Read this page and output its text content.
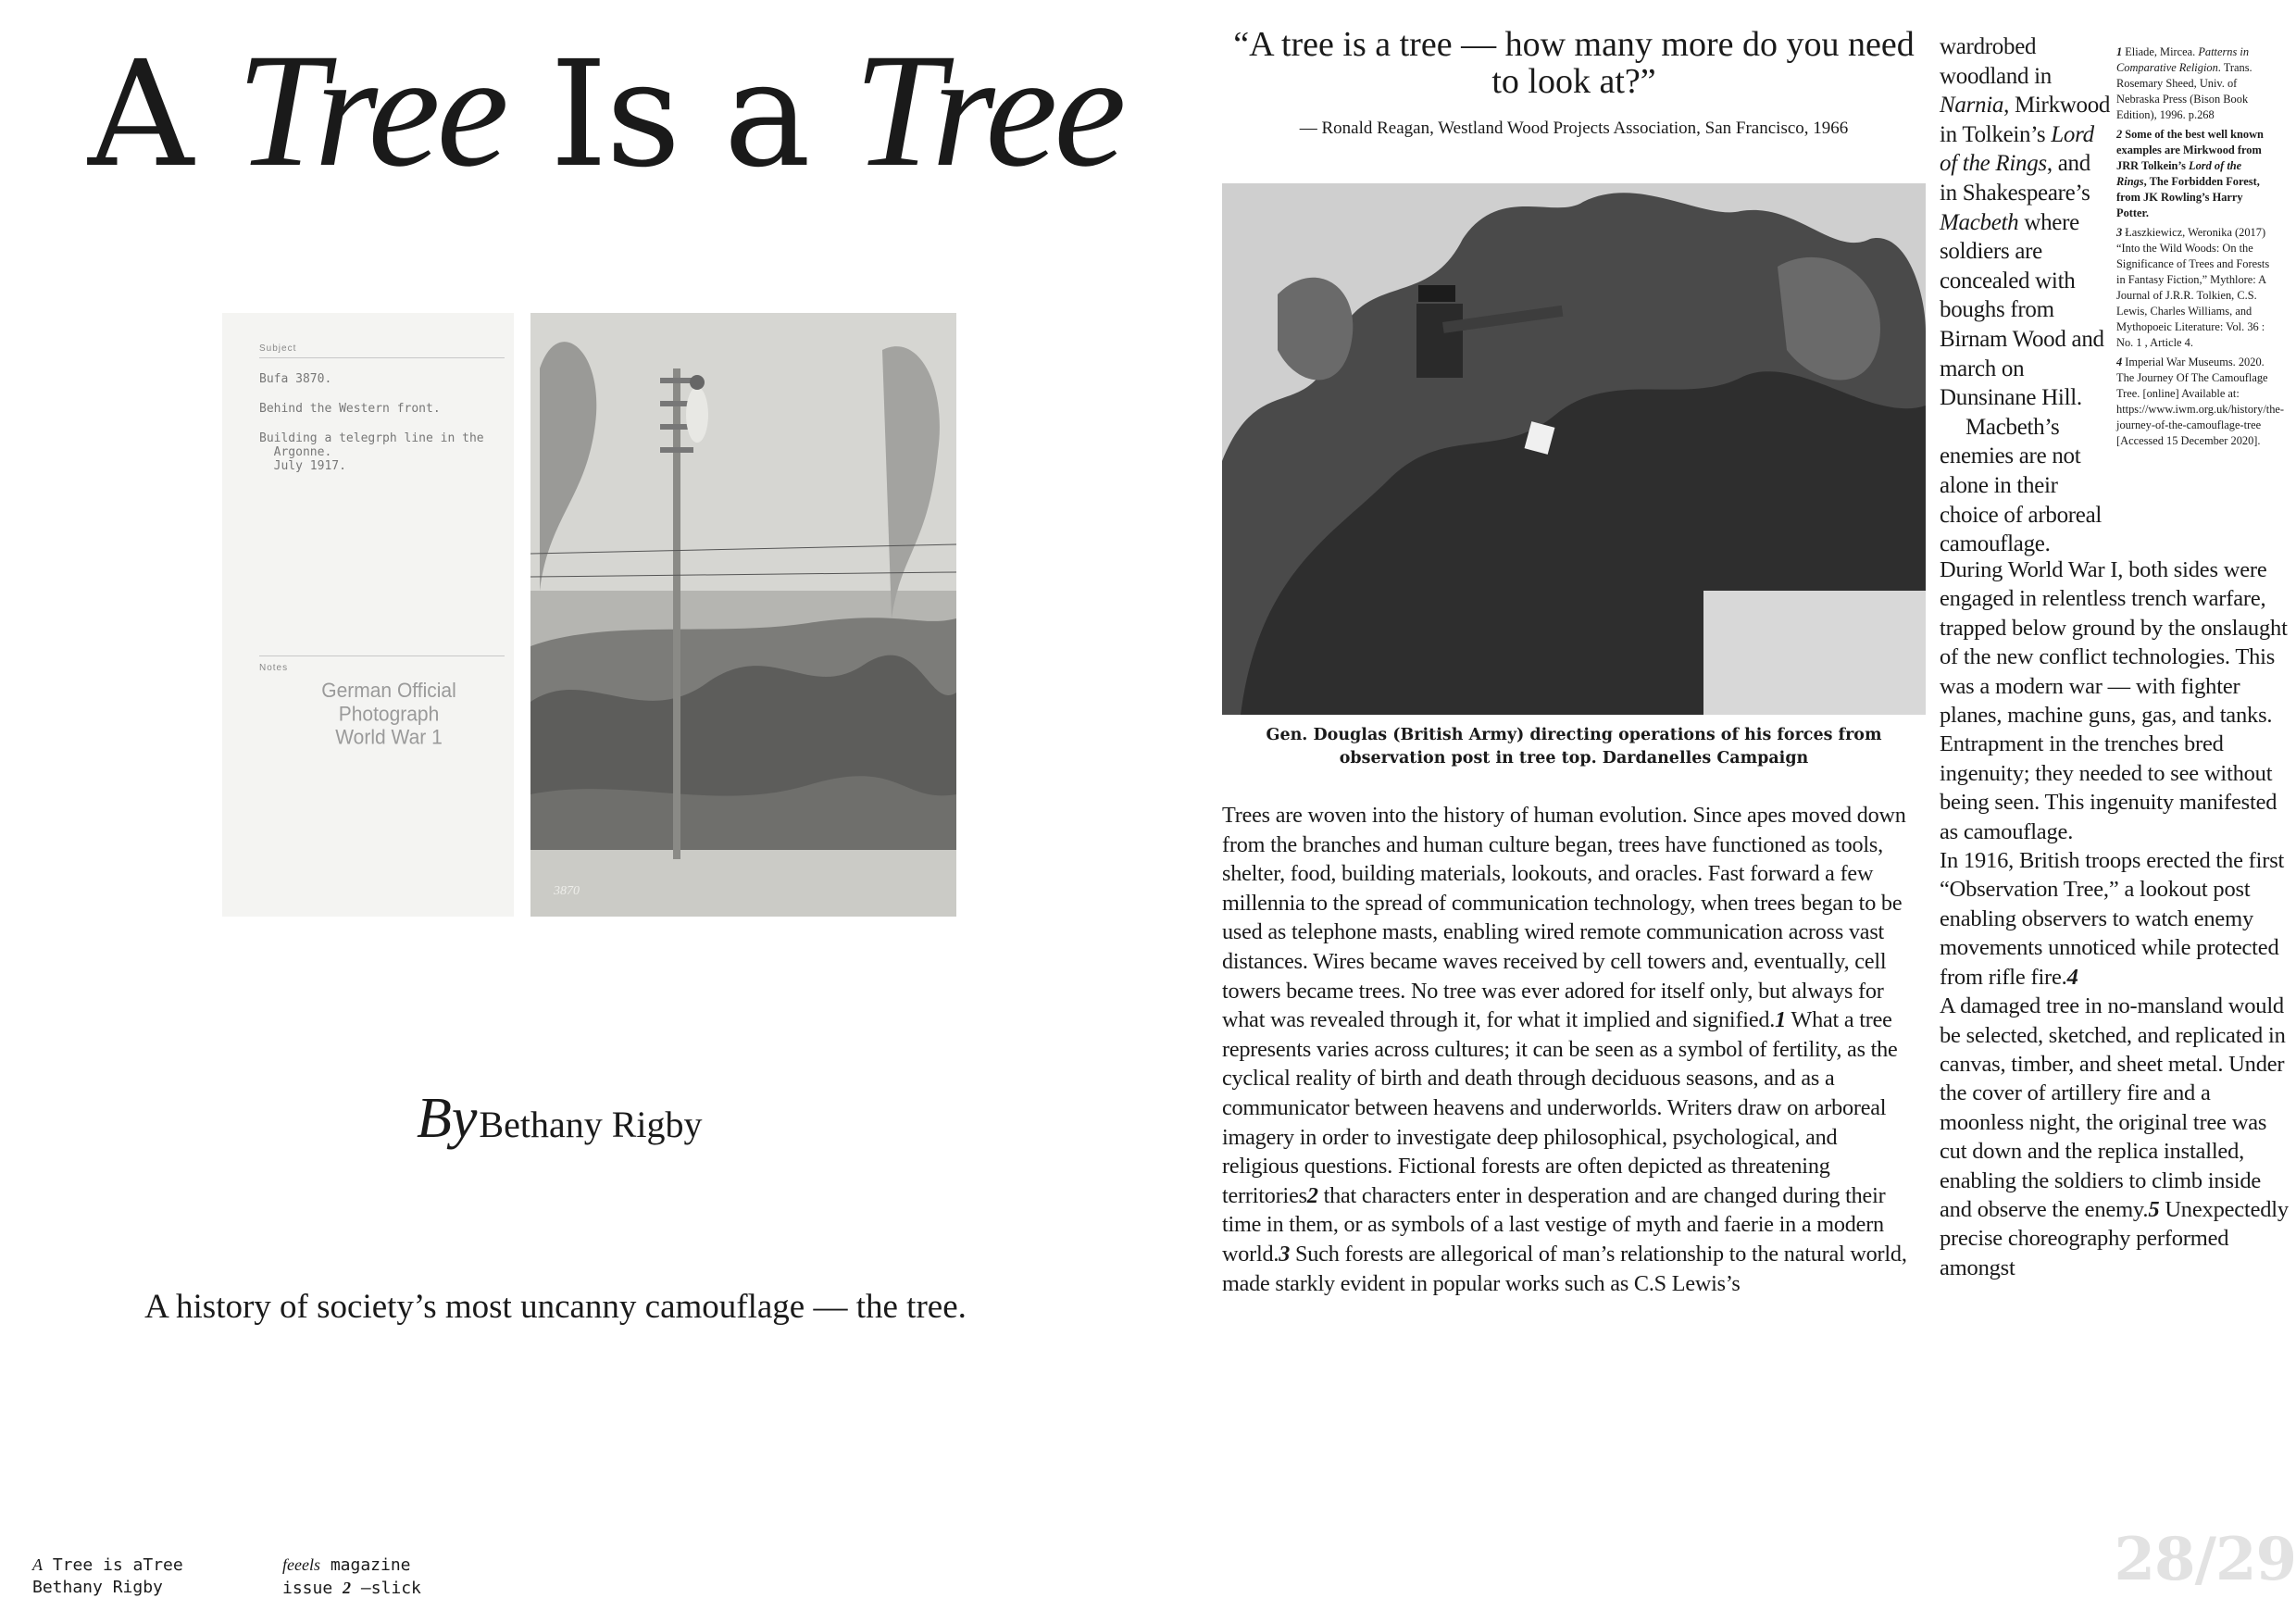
A Tree Is a Tree
Subject
Bufa 3870.
Behind the Western front.
Building a telegrph line in the
Argonne.
July 1917.
Notes
German Official Photograph
World War 1
3870
ByBethany Rigby
A history of society’s most uncanny camouflage — the tree.
A Tree is aTree
Bethany Rigby
feeels magazine
issue 2 —slick
“A tree is a tree — how many more do you need to look at?”
— Ronald Reagan, Westland Wood Projects Association, San Francisco, 1966
Gen. Douglas (British Army) directing operations of his forces from observation post in tree top. Dardanelles Campaign

Trees are woven into the history of human evolution. Since apes moved down from the branches and human culture began, trees have functioned as tools, shelter, food, building materials, lookouts, and oracles. Fast forward a few millennia to the spread of communication technology, when trees began to be used as telephone masts, enabling wired remote communication across vast distances. Wires became waves received by cell towers and, eventually, cell towers became trees. No tree was ever adored for itself only, but always for what was revealed through it, for what it implied and signified.1 What a tree represents varies across cultures; it can be seen as a symbol of fertility, as the cyclical reality of birth and death through deciduous seasons, and as a communicator between heavens and underworlds. Writers draw on arboreal imagery in order to investigate deep philosophical, psychological, and religious questions. Fictional forests are often depicted as threatening territories2 that characters enter in desperation and are changed during their time in them, or as symbols of a last vestige of myth and faerie in a modern world.3 Such forests are allegorical of man’s relationship to the natural world, made starkly evident in popular works such as C.S Lewis’s

wardrobed woodland in Narnia, Mirkwood in Tolkein’s Lord of the Rings, and in Shakespeare’s Macbeth where soldiers are concealed with boughs from Birnam Wood and march on Dunsinane Hill.

Macbeth’s enemies are not alone in their choice of arboreal camouflage.

During World War I, both sides were engaged in relentless trench warfare, trapped below ground by the onslaught of the new conflict technologies. This was a modern war — with fighter planes, machine guns, gas, and tanks. Entrapment in the trenches bred ingenuity; they needed to see without being seen. This ingenuity manifested as camouflage.

In 1916, British troops erected the first “Observation Tree,” a lookout post enabling observers to watch enemy movements unnoticed while protected from rifle fire.4

A damaged tree in no-mansland would be selected, sketched, and replicated in canvas, timber, and sheet metal. Under the cover of artillery fire and a moonless night, the original tree was cut down and the replica installed, enabling the soldiers to climb inside and observe the enemy.5 Unexpectedly precise choreography performed amongst

1 Eliade, Mircea. Patterns in Comparative Religion. Trans. Rosemary Sheed, Univ. of Nebraska Press (Bison Book Edition), 1996. p.268

2 Some of the best well known examples are Mirkwood from JRR Tolkein’s Lord of the Rings, The Forbidden Forest, from JK Rowling’s Harry Potter.

3 Łaszkiewicz, Weronika (2017) “Into the Wild Woods: On the Significance of Trees and Forests in Fantasy Fiction,” Mythlore: A Journal of J.R.R. Tolkien, C.S. Lewis, Charles Williams, and Mythopoeic Literature: Vol. 36 : No. 1 , Article 4.

4 Imperial War Museums. 2020. The Journey Of The Camouflage Tree. [online] Available at: https://www.iwm.org.uk/history/the-journey-of-the-camouflage-tree [Accessed 15 December 2020].

28/29
